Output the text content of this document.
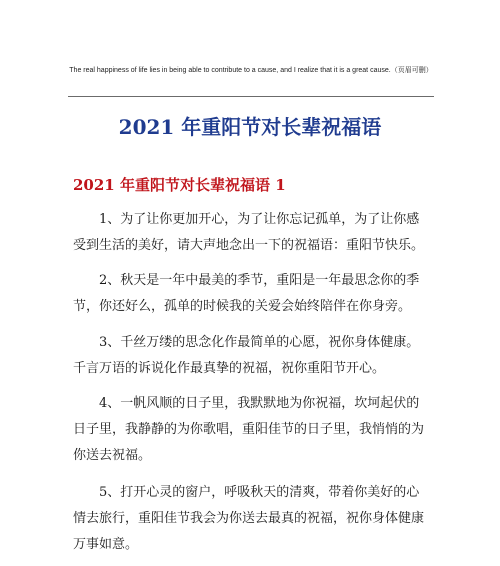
The real happiness of life lies in being able to contribute to a cause, and I realize that it is a great cause.（页眉可删）
2021 年重阳节对长辈祝福语
2021 年重阳节对长辈祝福语 1
1、为了让你更加开心，为了让你忘记孤单，为了让你感受到生活的美好，请大声地念出一下的祝福语：重阳节快乐。
2、秋天是一年中最美的季节，重阳是一年最思念你的季节，你还好么，孤单的时候我的关爱会始终陪伴在你身旁。
3、千丝万缕的思念化作最简单的心愿，祝你身体健康。千言万语的诉说化作最真挚的祝福，祝你重阳节开心。
4、一帆风顺的日子里，我默默地为你祝福，坎坷起伏的日子里，我静静的为你歌唱，重阳佳节的日子里，我悄悄的为你送去祝福。
5、打开心灵的窗户，呼吸秋天的清爽，带着你美好的心情去旅行，重阳佳节我会为你送去最真的祝福，祝你身体健康万事如意。
